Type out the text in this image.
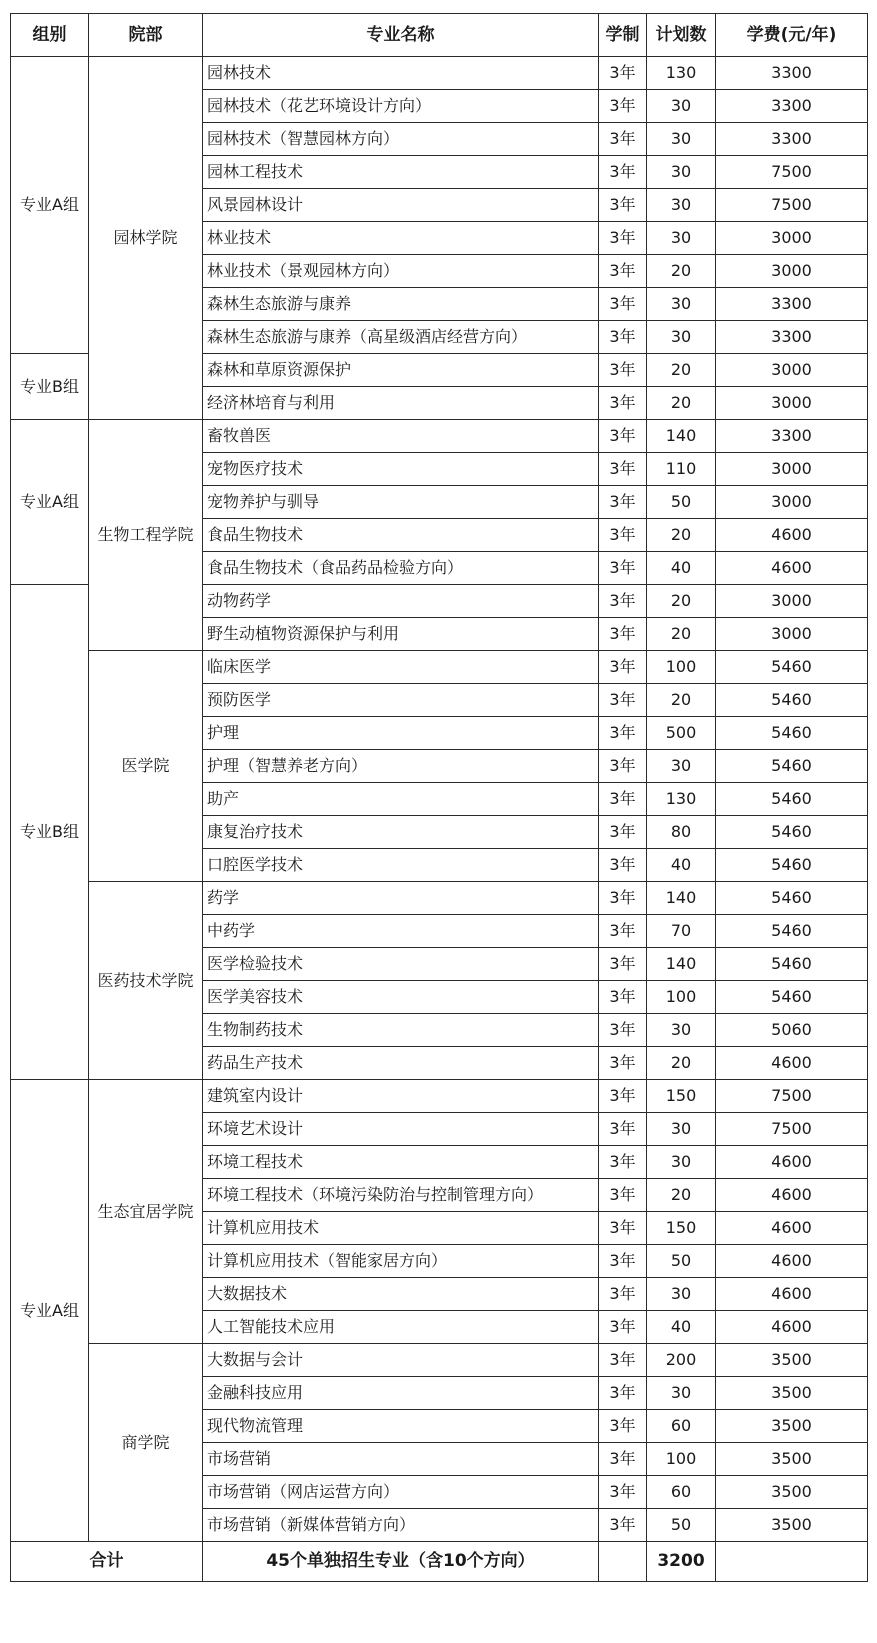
组别	院部	专业名称	学制	计划数	学费(元/年)
专业A组	园林学院	园林技术	3年	130	3300
		园林技术（花艺环境设计方向）	3年	30	3300
		园林技术（智慧园林方向）	3年	30	3300
		园林工程技术	3年	30	7500
		风景园林设计	3年	30	7500
		林业技术	3年	30	3000
		林业技术（景观园林方向）	3年	20	3000
		森林生态旅游与康养	3年	30	3300
		森林生态旅游与康养（高星级酒店经营方向）	3年	30	3300
专业B组		森林和草原资源保护	3年	20	3000
		经济林培育与利用	3年	20	3000
专业A组	生物工程学院	畜牧兽医	3年	140	3300
		宠物医疗技术	3年	110	3000
		宠物养护与驯导	3年	50	3000
		食品生物技术	3年	20	4600
		食品生物技术（食品药品检验方向）	3年	40	4600
专业B组		动物药学	3年	20	3000
		野生动植物资源保护与利用	3年	20	3000
	医学院	临床医学	3年	100	5460
		预防医学	3年	20	5460
		护理	3年	500	5460
		护理（智慧养老方向）	3年	30	5460
		助产	3年	130	5460
		康复治疗技术	3年	80	5460
		口腔医学技术	3年	40	5460
	医药技术学院	药学	3年	140	5460
		中药学	3年	70	5460
		医学检验技术	3年	140	5460
		医学美容技术	3年	100	5460
		生物制药技术	3年	30	5060
		药品生产技术	3年	20	4600
专业A组	生态宜居学院	建筑室内设计	3年	150	7500
		环境艺术设计	3年	30	7500
		环境工程技术	3年	30	4600
		环境工程技术（环境污染防治与控制管理方向）	3年	20	4600
		计算机应用技术	3年	150	4600
		计算机应用技术（智能家居方向）	3年	50	4600
		大数据技术	3年	30	4600
		人工智能技术应用	3年	40	4600
	商学院	大数据与会计	3年	200	3500
		金融科技应用	3年	30	3500
		现代物流管理	3年	60	3500
		市场营销	3年	100	3500
		市场营销（网店运营方向）	3年	60	3500
		市场营销（新媒体营销方向）	3年	50	3500
合计		45个单独招生专业（含10个方向）		3200	
